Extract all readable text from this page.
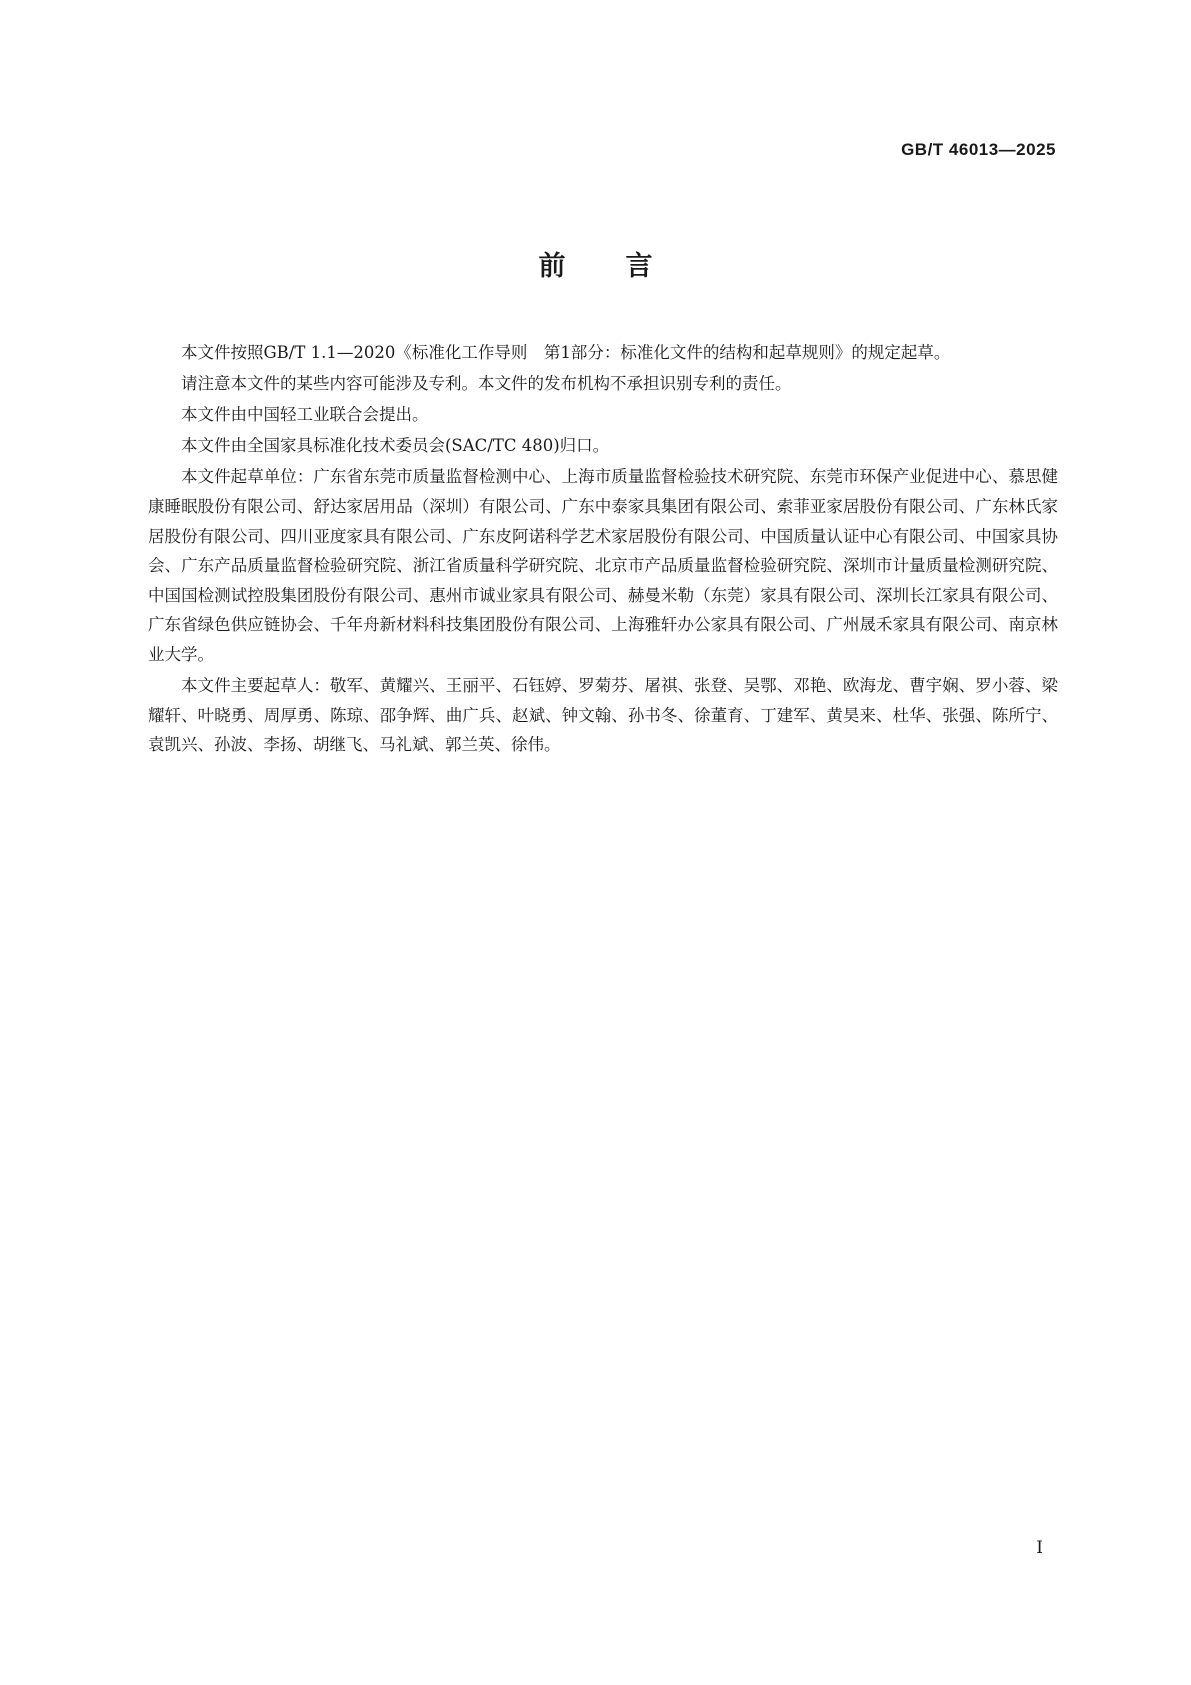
GB/T 46013—2025
前言

本文件按照GB/T 1.1—2020《标准化工作导则　第1部分：标准化文件的结构和起草规则》的规定起草。

请注意本文件的某些内容可能涉及专利。本文件的发布机构不承担识别专利的责任。

本文件由中国轻工业联合会提出。

本文件由全国家具标准化技术委员会(SAC/TC 480)归口。

本文件起草单位：广东省东莞市质量监督检测中心、上海市质量监督检验技术研究院、东莞市环保产业促进中心、慕思健康睡眠股份有限公司、舒达家居用品（深圳）有限公司、广东中泰家具集团有限公司、索菲亚家居股份有限公司、广东林氏家居股份有限公司、四川亚度家具有限公司、广东皮阿诺科学艺术家居股份有限公司、中国质量认证中心有限公司、中国家具协会、广东产品质量监督检验研究院、浙江省质量科学研究院、北京市产品质量监督检验研究院、深圳市计量质量检测研究院、中国国检测试控股集团股份有限公司、惠州市诚业家具有限公司、赫曼米勒（东莞）家具有限公司、深圳长江家具有限公司、广东省绿色供应链协会、千年舟新材料科技集团股份有限公司、上海雅轩办公家具有限公司、广州晟禾家具有限公司、南京林业大学。

本文件主要起草人：敬军、黄耀兴、王丽平、石钰婷、罗菊芬、屠祺、张登、吴鄂、邓艳、欧海龙、曹宇娴、罗小蓉、梁耀轩、叶晓勇、周厚勇、陈琼、邵争辉、曲广兵、赵斌、钟文翰、孙书冬、徐董育、丁建军、黄昊来、杜华、张强、陈所宁、袁凯兴、孙波、李扬、胡继飞、马礼斌、郭兰英、徐伟。

I
